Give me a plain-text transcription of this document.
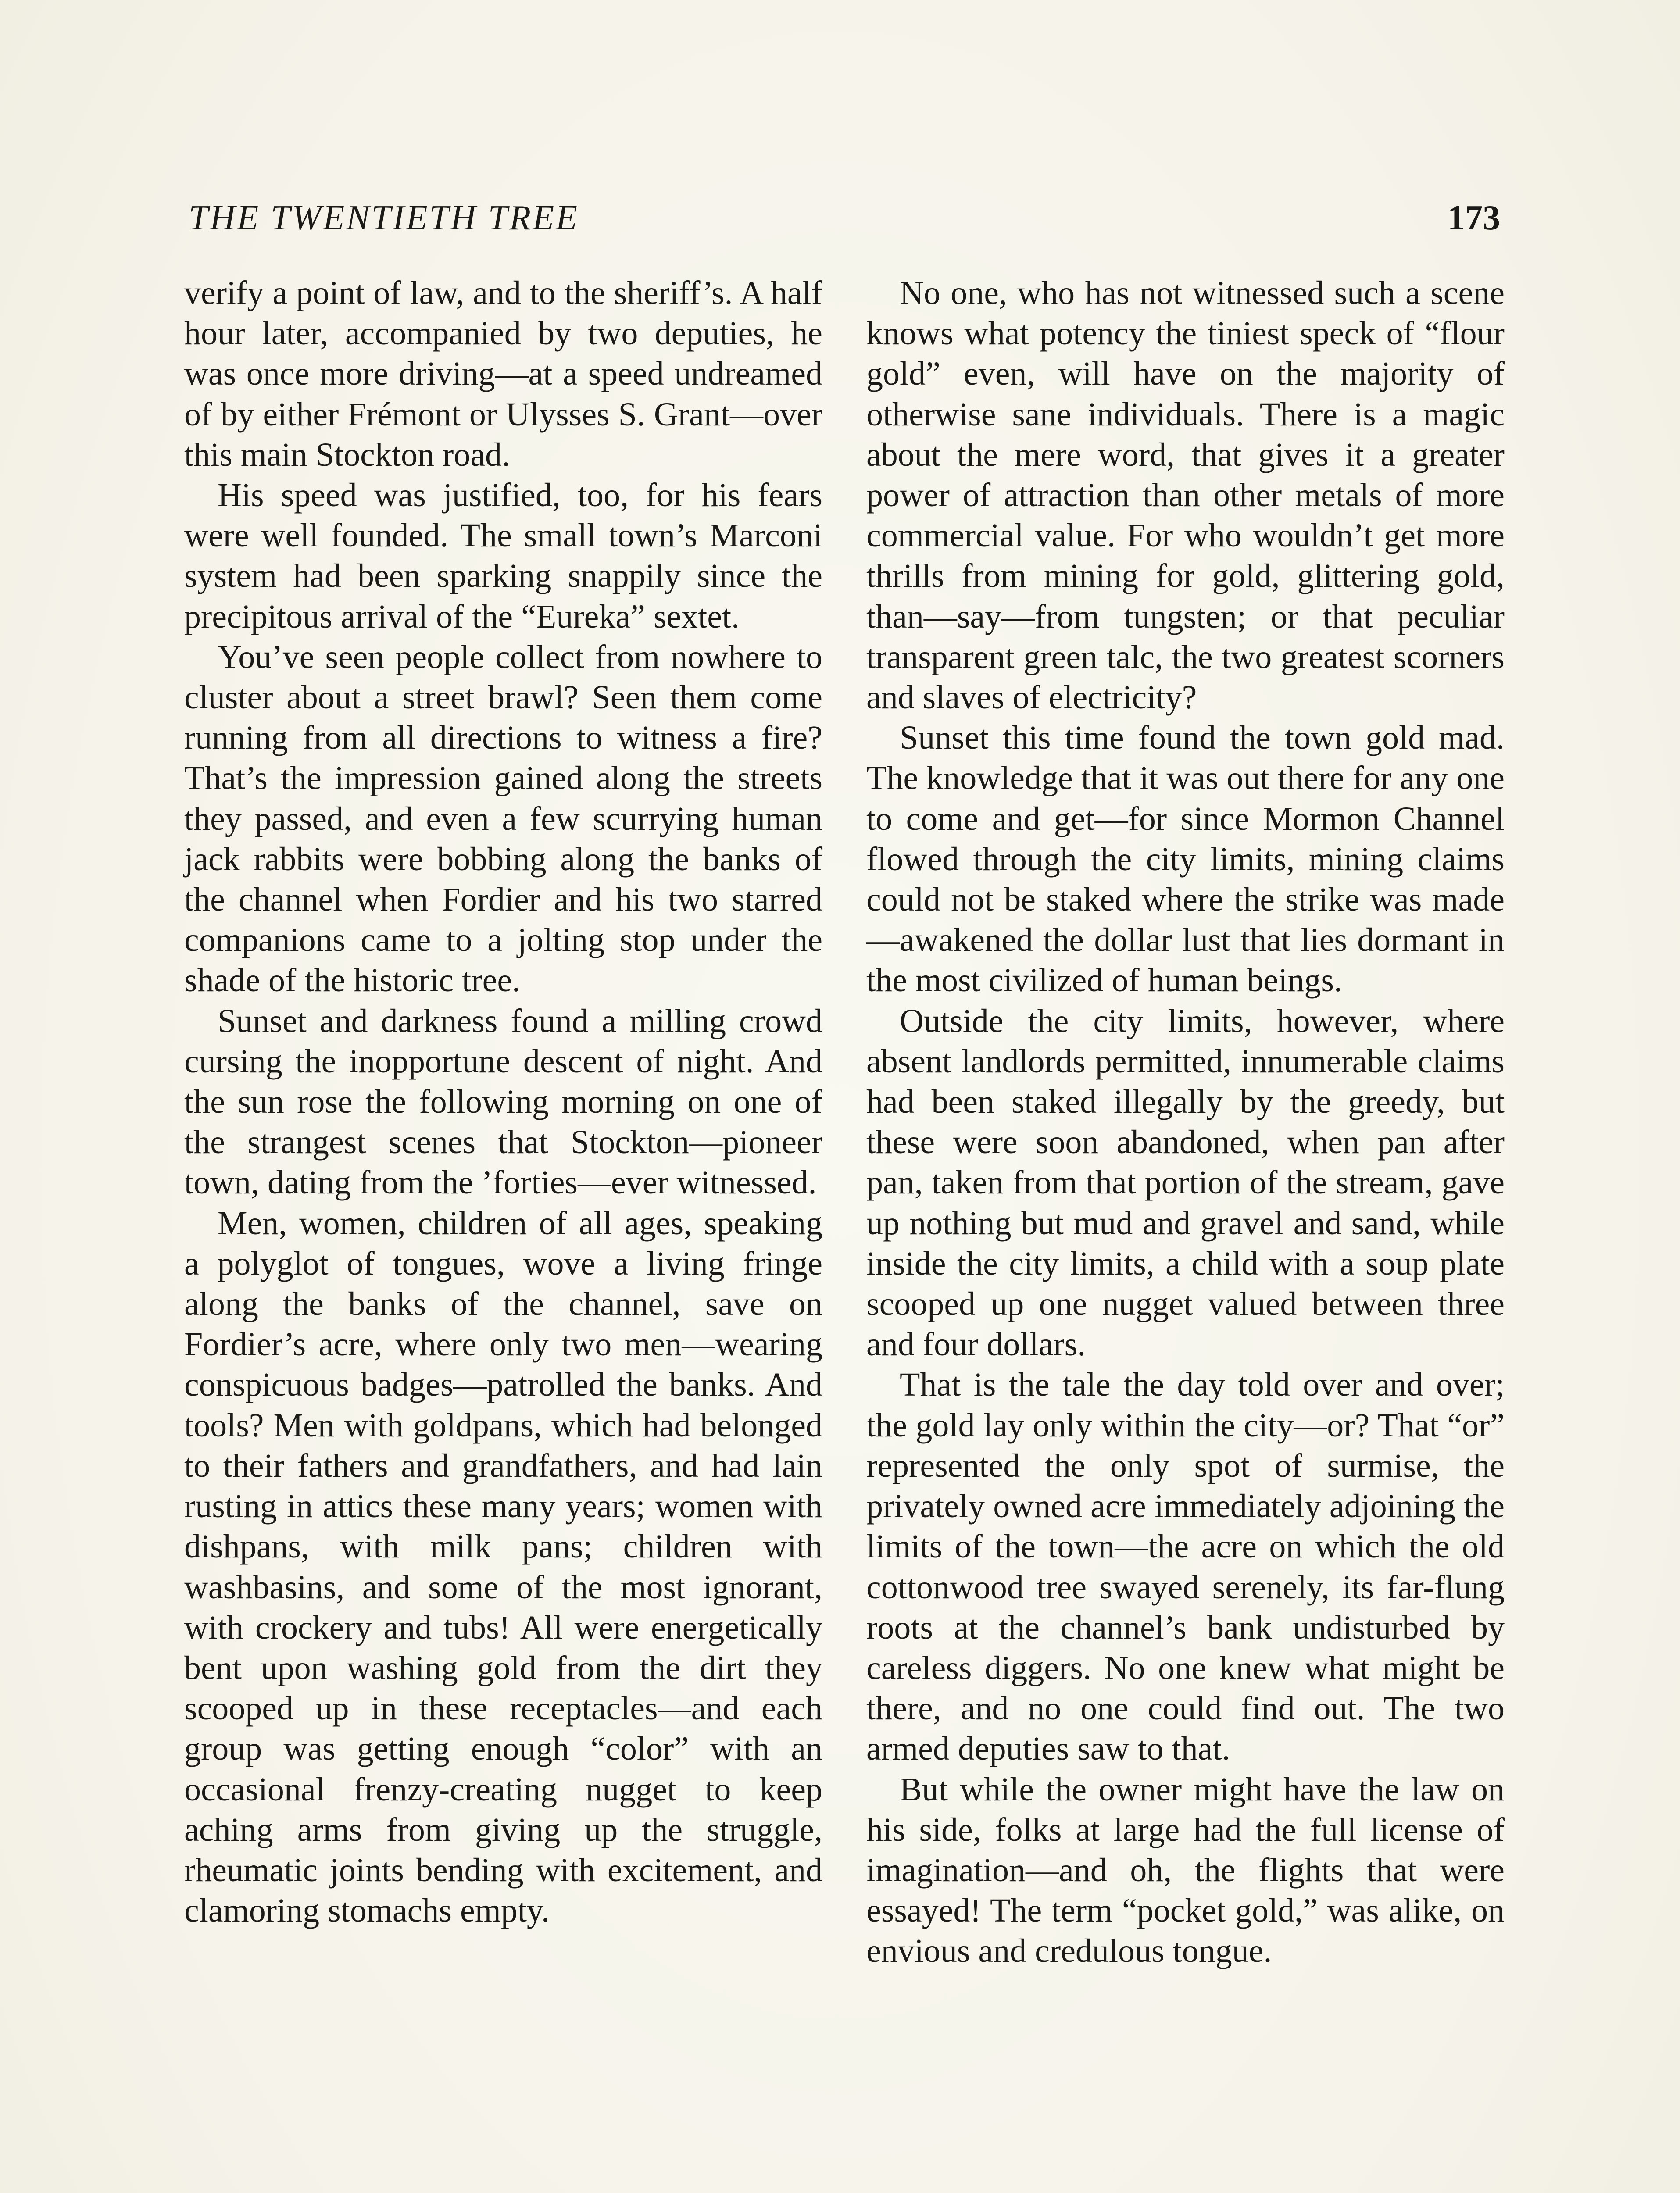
THE TWENTIETH TREE	173

verify a point of law, and to the sheriff’s. A half hour later, accompanied by two deputies, he was once more driving—at a speed undreamed of by either Frémont or Ulysses S. Grant—over this main Stockton road.

His speed was justified, too, for his fears were well founded. The small town’s Marconi system had been sparking snappily since the precipitous arrival of the “Eureka” sextet.

You’ve seen people collect from nowhere to cluster about a street brawl? Seen them come running from all directions to witness a fire? That’s the impression gained along the streets they passed, and even a few scurrying human jack rabbits were bobbing along the banks of the channel when Fordier and his two starred companions came to a jolting stop under the shade of the historic tree.

Sunset and darkness found a milling crowd cursing the inopportune descent of night. And the sun rose the following morning on one of the strangest scenes that Stockton—pioneer town, dating from the ’forties—ever witnessed.

Men, women, children of all ages, speaking a polyglot of tongues, wove a living fringe along the banks of the channel, save on Fordier’s acre, where only two men—wearing conspicuous badges—patrolled the banks. And tools? Men with goldpans, which had belonged to their fathers and grandfathers, and had lain rusting in attics these many years; women with dishpans, with milk pans; children with washbasins, and some of the most ignorant, with crockery and tubs! All were energetically bent upon washing gold from the dirt they scooped up in these receptacles—and each group was getting enough “color” with an occasional frenzy-creating nugget to keep aching arms from giving up the struggle, rheumatic joints bending with excitement, and clamoring stomachs empty.

No one, who has not witnessed such a scene knows what potency the tiniest speck of “flour gold” even, will have on the majority of otherwise sane individuals. There is a magic about the mere word, that gives it a greater power of attraction than other metals of more commercial value. For who wouldn’t get more thrills from mining for gold, glittering gold, than—say—from tungsten; or that peculiar transparent green talc, the two greatest scorners and slaves of electricity?

Sunset this time found the town gold mad. The knowledge that it was out there for any one to come and get—for since Mormon Channel flowed through the city limits, mining claims could not be staked where the strike was made—awakened the dollar lust that lies dormant in the most civilized of human beings.

Outside the city limits, however, where absent landlords permitted, innumerable claims had been staked illegally by the greedy, but these were soon abandoned, when pan after pan, taken from that portion of the stream, gave up nothing but mud and gravel and sand, while inside the city limits, a child with a soup plate scooped up one nugget valued between three and four dollars.

That is the tale the day told over and over; the gold lay only within the city—or? That “or” represented the only spot of surmise, the privately owned acre immediately adjoining the limits of the town—the acre on which the old cottonwood tree swayed serenely, its far-flung roots at the channel’s bank undisturbed by careless diggers. No one knew what might be there, and no one could find out. The two armed deputies saw to that.

But while the owner might have the law on his side, folks at large had the full license of imagination—and oh, the flights that were essayed! The term “pocket gold,” was alike, on envious and credulous tongue.
